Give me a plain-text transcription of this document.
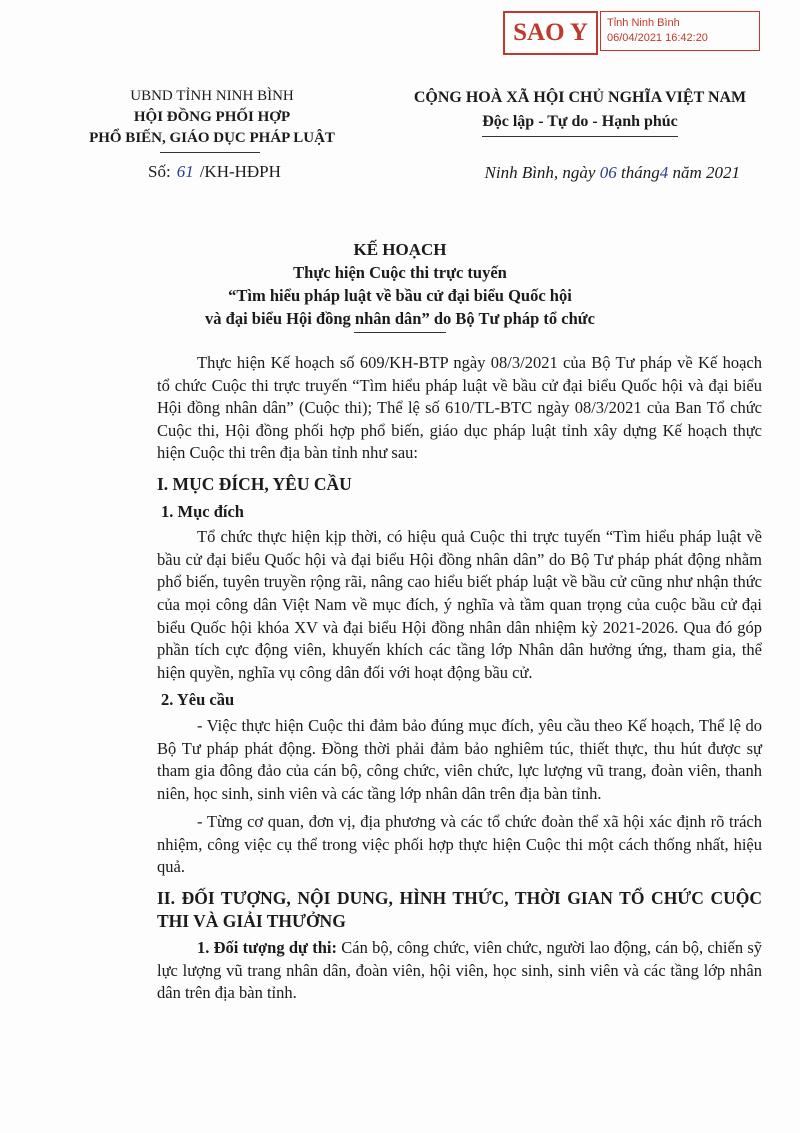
SAO Y Tỉnh Ninh Bình
06/04/2021 16:42:20
UBND TỈNH NINH BÌNH
HỘI ĐỒNG PHỐI HỢP
PHỔ BIẾN, GIÁO DỤC PHÁP LUẬT
CỘNG HOÀ XÃ HỘI CHỦ NGHĨA VIỆT NAM
Độc lập - Tự do - Hạnh phúc
Số: 61 /KH-HĐPH	Ninh Bình, ngày 06 tháng4 năm 2021
KẾ HOẠCH
Thực hiện Cuộc thi trực tuyến
“Tìm hiểu pháp luật về bầu cử đại biểu Quốc hội
và đại biểu Hội đồng nhân dân” do Bộ Tư pháp tổ chức

Thực hiện Kế hoạch số 609/KH-BTP ngày 08/3/2021 của Bộ Tư pháp về Kế hoạch tổ chức Cuộc thi trực truyến “Tìm hiểu pháp luật về bầu cử đại biểu Quốc hội và đại biểu Hội đồng nhân dân” (Cuộc thi); Thể lệ số 610/TL-BTC ngày 08/3/2021 của Ban Tổ chức Cuộc thi, Hội đồng phối hợp phổ biến, giáo dục pháp luật tỉnh xây dựng Kế hoạch thực hiện Cuộc thi trên địa bàn tỉnh như sau:

I. MỤC ĐÍCH, YÊU CẦU
1. Mục đích

Tổ chức thực hiện kịp thời, có hiệu quả Cuộc thi trực tuyến “Tìm hiểu pháp luật về bầu cử đại biểu Quốc hội và đại biểu Hội đồng nhân dân” do Bộ Tư pháp phát động nhằm phổ biến, tuyên truyền rộng rãi, nâng cao hiểu biết pháp luật về bầu cử cũng như nhận thức của mọi công dân Việt Nam về mục đích, ý nghĩa và tầm quan trọng của cuộc bầu cử đại biểu Quốc hội khóa XV và đại biểu Hội đồng nhân dân nhiệm kỳ 2021-2026. Qua đó góp phần tích cực động viên, khuyến khích các tầng lớp Nhân dân hưởng ứng, tham gia, thể hiện quyền, nghĩa vụ công dân đối với hoạt động bầu cử.

2. Yêu cầu

- Việc thực hiện Cuộc thi đảm bảo đúng mục đích, yêu cầu theo Kế hoạch, Thể lệ do Bộ Tư pháp phát động. Đồng thời phải đảm bảo nghiêm túc, thiết thực, thu hút được sự tham gia đông đảo của cán bộ, công chức, viên chức, lực lượng vũ trang, đoàn viên, thanh niên, học sinh, sinh viên và các tầng lớp nhân dân trên địa bàn tỉnh.

- Từng cơ quan, đơn vị, địa phương và các tổ chức đoàn thể xã hội xác định rõ trách nhiệm, công việc cụ thể trong việc phối hợp thực hiện Cuộc thi một cách thống nhất, hiệu quả.

II. ĐỐI TƯỢNG, NỘI DUNG, HÌNH THỨC, THỜI GIAN TỔ CHỨC CUỘC THI VÀ GIẢI THƯỞNG

1. Đối tượng dự thi: Cán bộ, công chức, viên chức, người lao động, cán bộ, chiến sỹ lực lượng vũ trang nhân dân, đoàn viên, hội viên, học sinh, sinh viên và các tầng lớp nhân dân trên địa bàn tỉnh.
